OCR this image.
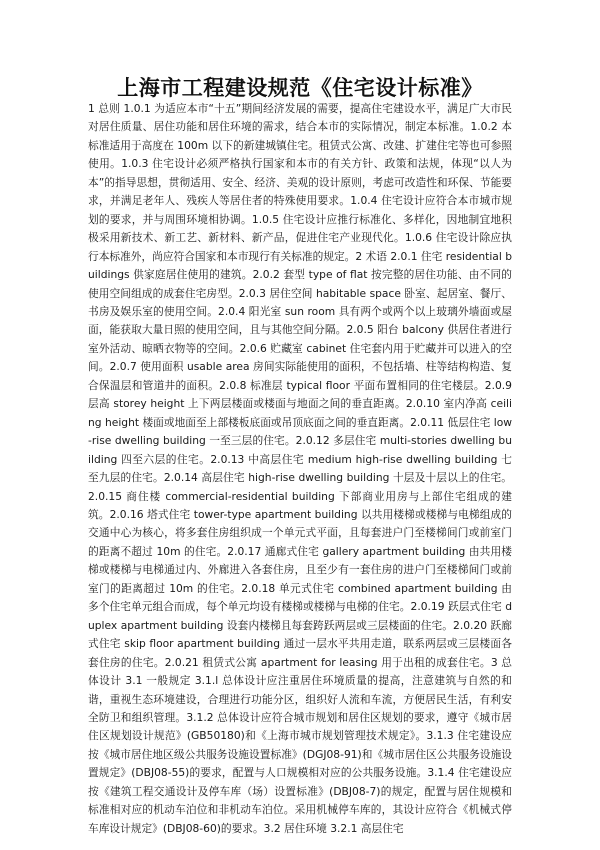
上海市工程建设规范《住宅设计标准》

1 总则 1.0.1 为适应本市“十五”期间经济发展的需要，提高住宅建设水平，满足广大市民对居住质量、居住功能和居住环境的需求，结合本市的实际情况，制定本标准。1.0.2 本标准适用于高度在 100m 以下的新建城镇住宅。租赁式公寓、改建、扩建住宅等也可参照使用。1.0.3 住宅设计必须严格执行国家和本市的有关方针、政策和法规，体现“以人为本”的指导思想，贯彻适用、安全、经济、美观的设计原则，考虑可改造性和环保、节能要求，并满足老年人、残疾人等居住者的特殊使用要求。1.0.4 住宅设计应符合本市城市规划的要求，并与周围环境相协调。1.0.5 住宅设计应推行标准化、多样化，因地制宜地积极采用新技术、新工艺、新材料、新产品，促进住宅产业现代化。1.0.6 住宅设计除应执行本标准外，尚应符合国家和本市现行有关标准的规定。2 术语 2.0.1 住宅 residential buildings 供家庭居住使用的建筑。2.0.2 套型 type of flat 按完整的居住功能、由不同的使用空间组成的成套住宅房型。2.0.3 居住空间 habitable space 卧室、起居室、餐厅、书房及娱乐室的使用空间。2.0.4 阳光室 sun room 具有两个或两个以上玻璃外墙面或屋面，能获取大量日照的使用空间，且与其他空间分隔。2.0.5 阳台 balcony 供居住者进行室外活动、晾晒衣物等的空间。2.0.6 贮藏室 cabinet 住宅套内用于贮藏并可以进入的空间。2.0.7 使用面积 usable area 房间实际能使用的面积，不包括墙、柱等结构构造、复合保温层和管道井的面积。2.0.8 标准层 typical floor 平面布置相同的住宅楼层。2.0.9 层高 storey height 上下两层楼面或楼面与地面之间的垂直距离。2.0.10 室内净高 ceiling height 楼面或地面至上部楼板底面或吊顶底面之间的垂直距离。2.0.11 低层住宅 low-rise dwelling building 一至三层的住宅。2.0.12 多层住宅 multi-stories dwelling building 四至六层的住宅。2.0.13 中高层住宅 medium high-rise dwelling building 七至九层的住宅。2.0.14 高层住宅 high-rise dwelling building 十层及十层以上的住宅。2.0.15 商住楼 commercial-residential building 下部商业用房与上部住宅组成的建筑。2.0.16 塔式住宅 tower-type apartment building 以共用楼梯或楼梯与电梯组成的交通中心为核心，将多套住房组织成一个单元式平面，且每套进户门至楼梯间门或前室门的距离不超过 10m 的住宅。2.0.17 通廊式住宅 gallery apartment building 由共用楼梯或楼梯与电梯通过内、外廊进入各套住房，且至少有一套住房的进户门至楼梯间门或前室门的距离超过 10m 的住宅。2.0.18 单元式住宅 combined apartment building 由多个住宅单元组合而成，每个单元均设有楼梯或楼梯与电梯的住宅。2.0.19 跃层式住宅 duplex apartment building 设套内楼梯且每套跨跃两层或三层楼面的住宅。2.0.20 跃廊式住宅 skip floor apartment building 通过一层水平共用走道，联系两层或三层楼面各套住房的住宅。2.0.21 租赁式公寓 apartment for leasing 用于出租的成套住宅。3 总体设计 3.1 一般规定 3.1.l 总体设计应注重居住环境质量的提高，注意建筑与自然的和谐，重视生态环境建设，合理进行功能分区，组织好人流和车流，方便居民生活，有利安全防卫和组织管理。3.1.2 总体设计应符合城市规划和居住区规划的要求，遵守《城市居住区规划设计规范》(GB50180)和《上海市城市规划管理技术规定》。3.1.3 住宅建设应按《城市居住地区级公共服务设施设置标准》(DGJ08-91)和《城市居住区公共服务设施设置规定》(DBJ08-55)的要求，配置与人口规模相对应的公共服务设施。3.1.4 住宅建设应按《建筑工程交通设计及停车库（场）设置标准》(DBJ08-7)的规定，配置与居住规模和标准相对应的机动车泊位和非机动车泊位。采用机械停车库的，其设计应符合《机械式停车库设计规定》(DBJ08-60)的要求。3.2 居住环境 3.2.1 高层住宅
